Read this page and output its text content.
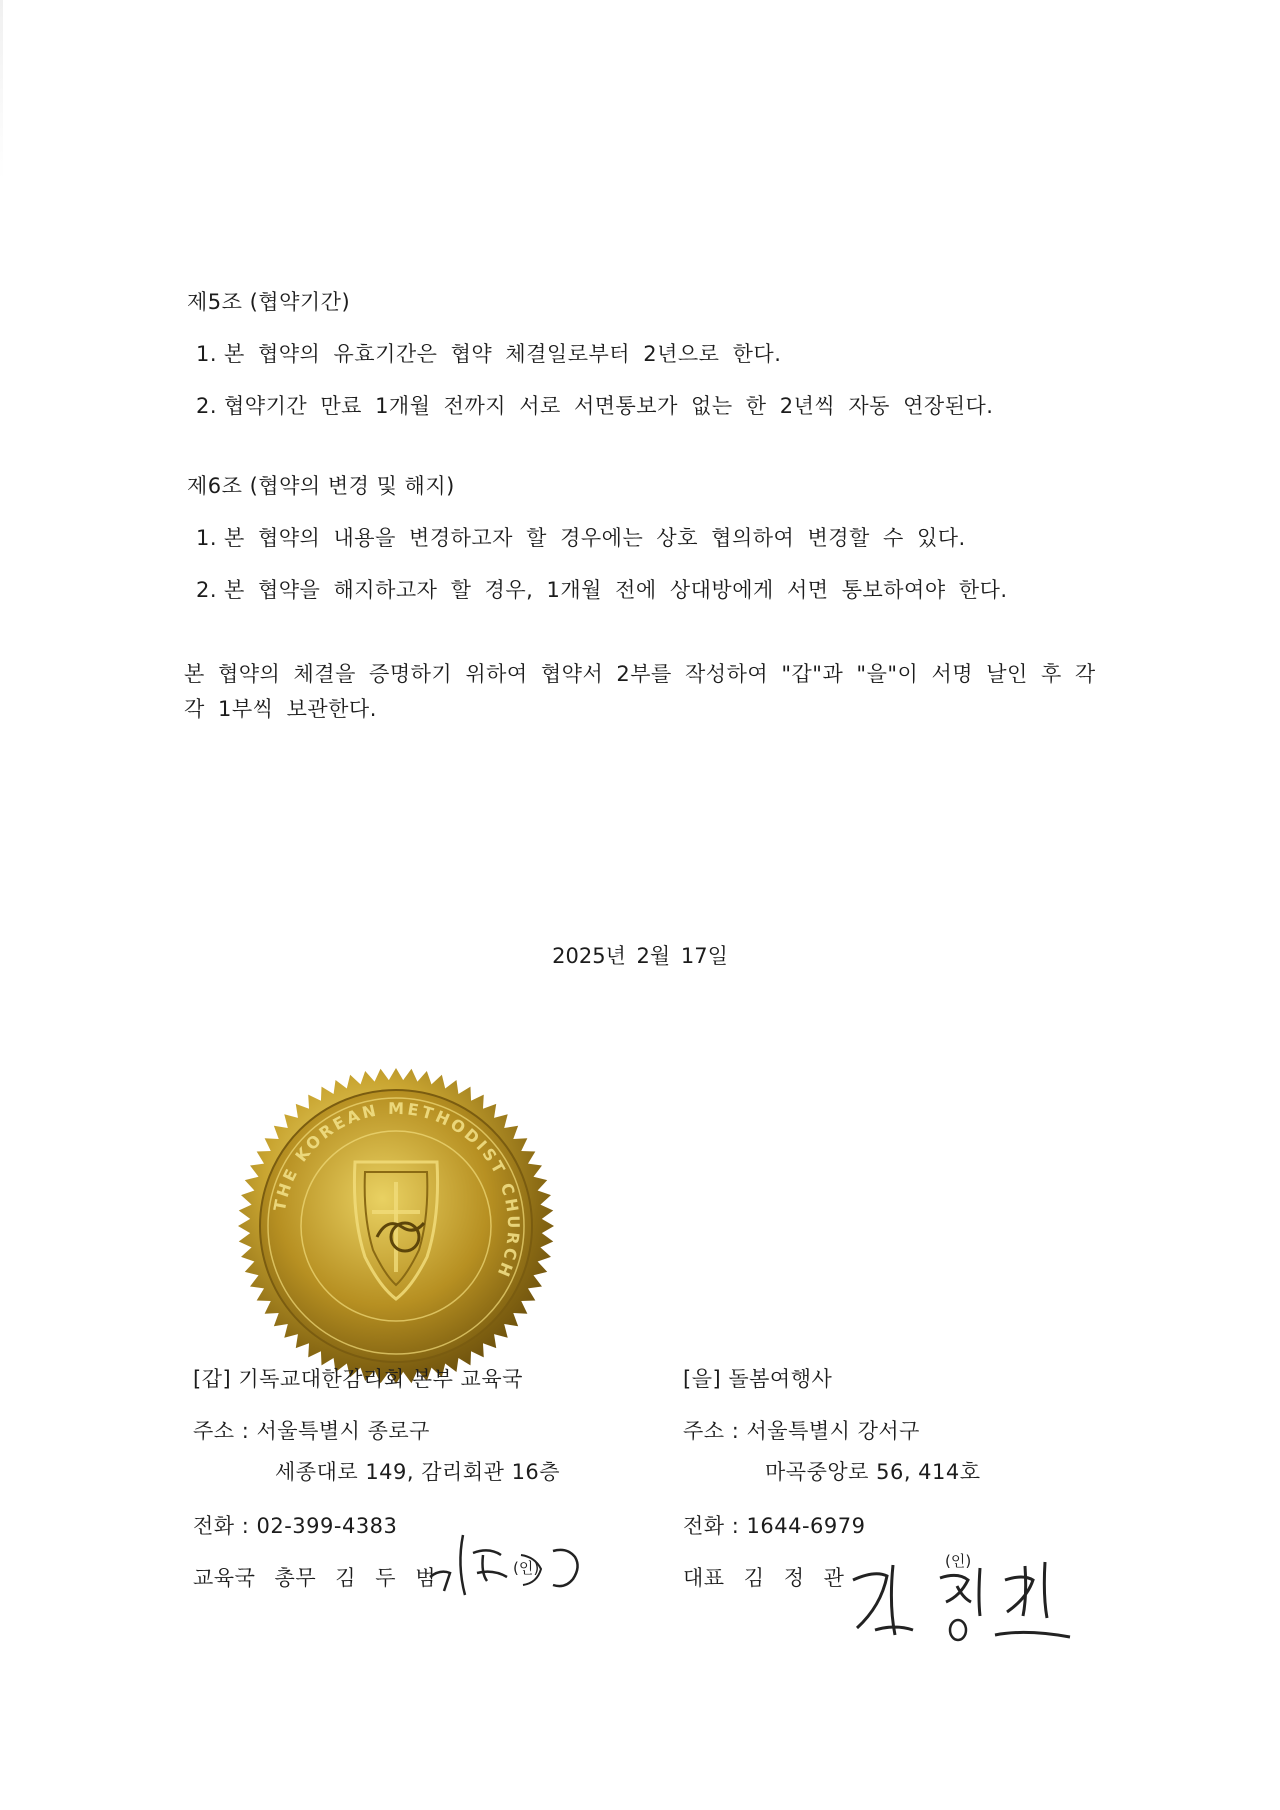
제5조 (협약기간)
1. 본 협약의 유효기간은 협약 체결일로부터 2년으로 한다.
2. 협약기간 만료 1개월 전까지 서로 서면통보가 없는 한 2년씩 자동 연장된다.
제6조 (협약의 변경 및 해지)
1. 본 협약의 내용을 변경하고자 할 경우에는 상호 협의하여 변경할 수 있다.
2. 본 협약을 해지하고자 할 경우, 1개월 전에 상대방에게 서면 통보하여야 한다.
본 협약의 체결을 증명하기 위하여 협약서 2부를 작성하여 "갑"과 "을"이 서명 날인 후 각각 1부씩 보관한다.
2025년 2월 17일
THE KOREAN METHODIST CHURCH
[갑] 기독교대한감리회 본부 교육국
주소 : 서울특별시 종로구
세종대로 149, 감리회관 16층
전화 : 02-399-4383
교육국 총무 김 두 범	(인)
[을] 돌봄여행사
주소 : 서울특별시 강서구
마곡중앙로 56, 414호
전화 : 1644-6979
대표 김 정 관
(인)
